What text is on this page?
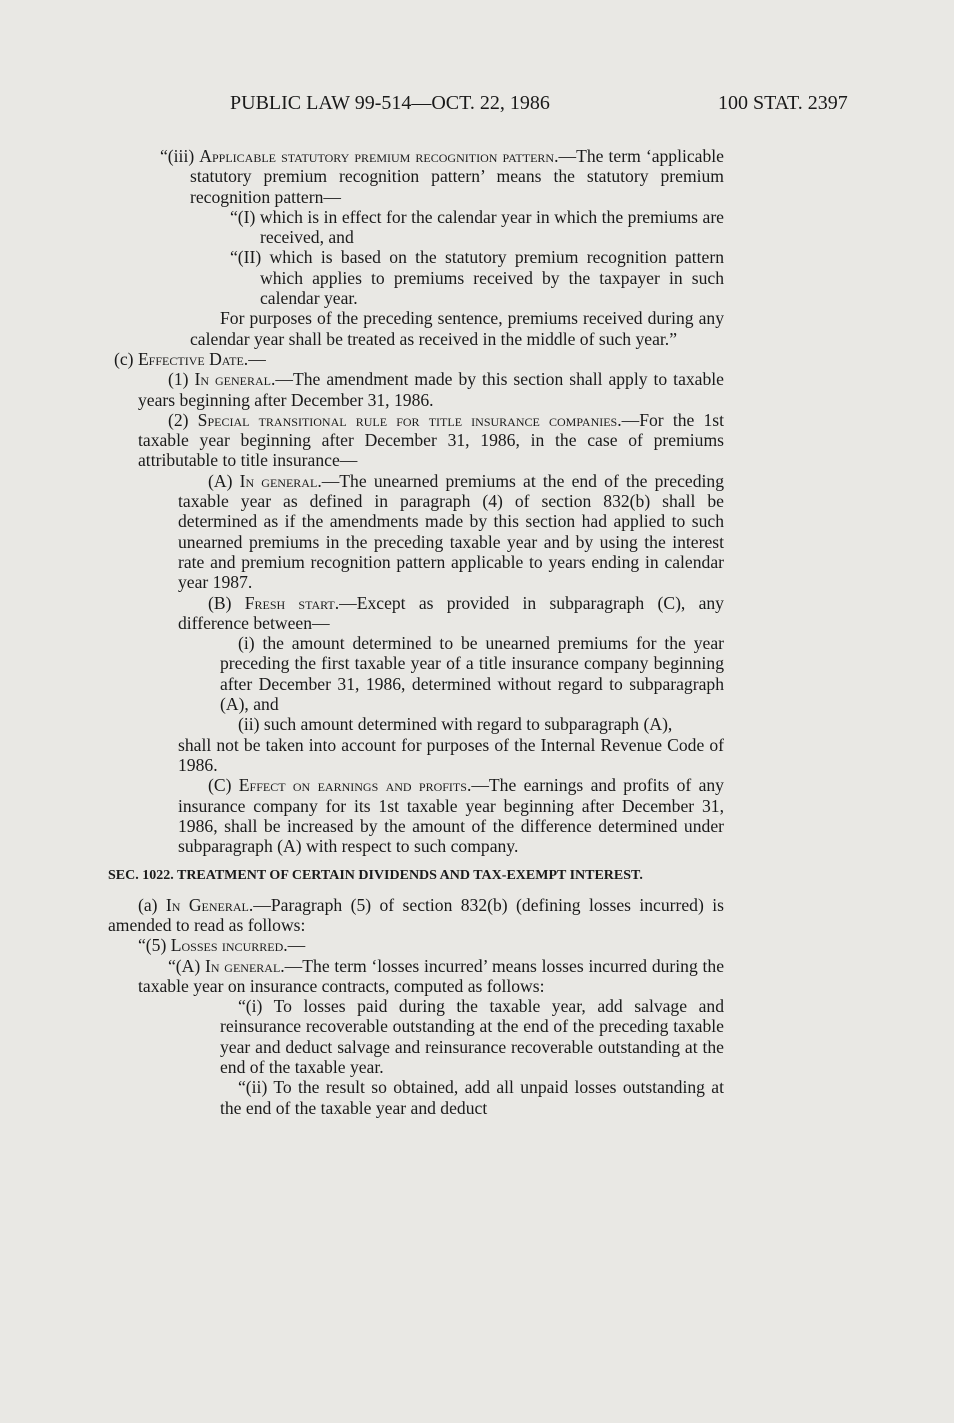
PUBLIC LAW 99-514—OCT. 22, 1986	100 STAT. 2397

“(iii) Applicable statutory premium recognition pattern.—The term ‘applicable statutory premium recognition pattern’ means the statutory premium recognition pattern—

“(I) which is in effect for the calendar year in which the premiums are received, and

“(II) which is based on the statutory premium recognition pattern which applies to premiums received by the taxpayer in such calendar year.

For purposes of the preceding sentence, premiums received during any calendar year shall be treated as received in the middle of such year.”

(c) Effective Date.—

(1) In general.—The amendment made by this section shall apply to taxable years beginning after December 31, 1986.

(2) Special transitional rule for title insurance companies.—For the 1st taxable year beginning after December 31, 1986, in the case of premiums attributable to title insurance—

(A) In general.—The unearned premiums at the end of the preceding taxable year as defined in paragraph (4) of section 832(b) shall be determined as if the amendments made by this section had applied to such unearned premiums in the preceding taxable year and by using the interest rate and premium recognition pattern applicable to years ending in calendar year 1987.

(B) Fresh start.—Except as provided in subparagraph (C), any difference between—

(i) the amount determined to be unearned premiums for the year preceding the first taxable year of a title insurance company beginning after December 31, 1986, determined without regard to subparagraph (A), and

(ii) such amount determined with regard to subparagraph (A),

shall not be taken into account for purposes of the Internal Revenue Code of 1986.

(C) Effect on earnings and profits.—The earnings and profits of any insurance company for its 1st taxable year beginning after December 31, 1986, shall be increased by the amount of the difference determined under subparagraph (A) with respect to such company.

SEC. 1022. TREATMENT OF CERTAIN DIVIDENDS AND TAX-EXEMPT INTEREST.

(a) In General.—Paragraph (5) of section 832(b) (defining losses incurred) is amended to read as follows:

“(5) Losses incurred.—

“(A) In general.—The term ‘losses incurred’ means losses incurred during the taxable year on insurance contracts, computed as follows:

“(i) To losses paid during the taxable year, add salvage and reinsurance recoverable outstanding at the end of the preceding taxable year and deduct salvage and reinsurance recoverable outstanding at the end of the taxable year.

“(ii) To the result so obtained, add all unpaid losses outstanding at the end of the taxable year and deduct
